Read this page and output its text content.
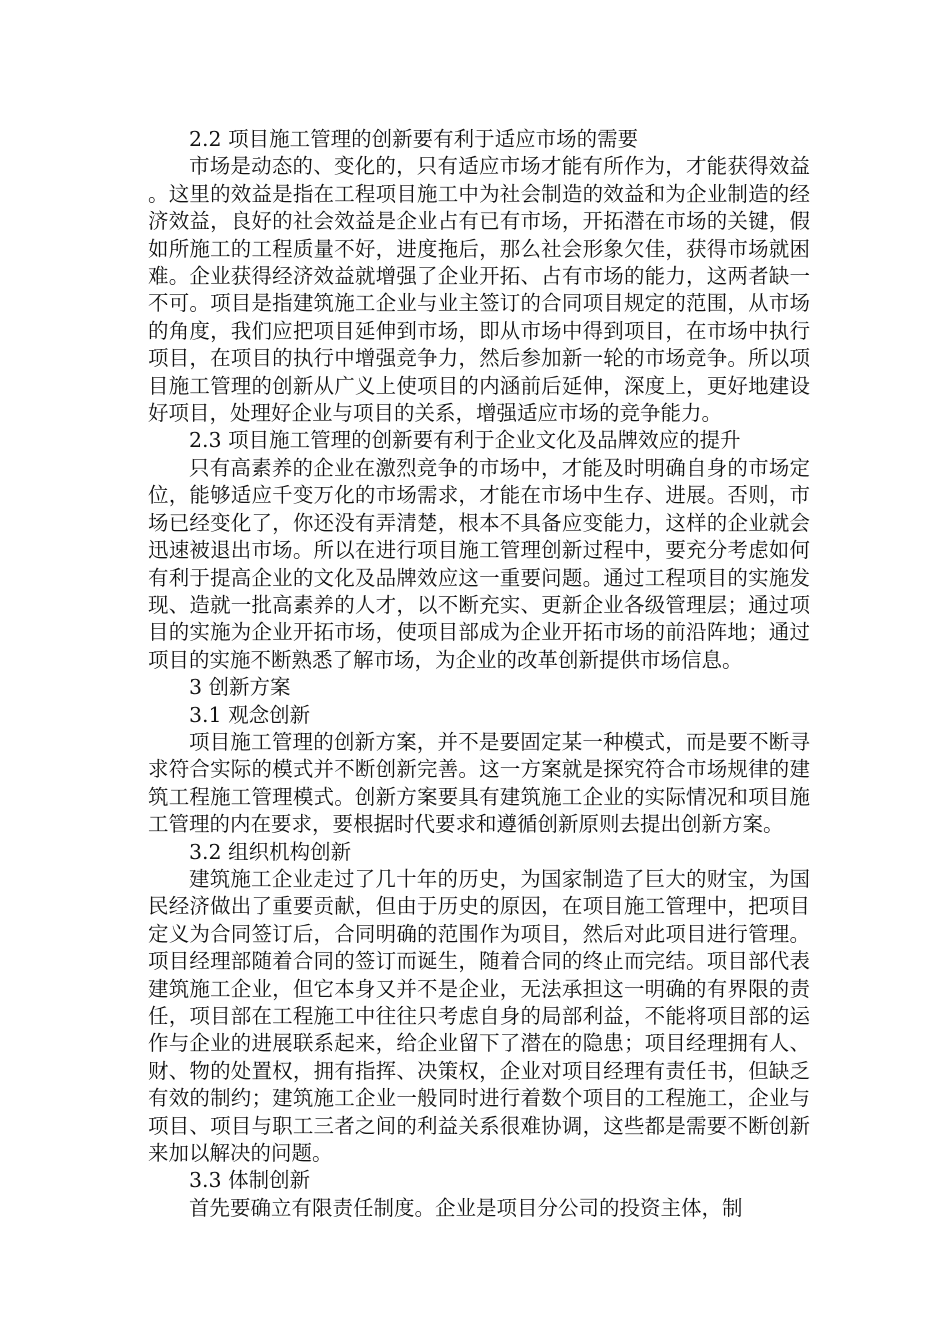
2.2 项目施工管理的创新要有利于适应市场的需要

市场是动态的、变化的，只有适应市场才能有所作为，才能获得效益。这里的效益是指在工程项目施工中为社会制造的效益和为企业制造的经济效益，良好的社会效益是企业占有已有市场，开拓潜在市场的关键，假如所施工的工程质量不好，进度拖后，那么社会形象欠佳，获得市场就困难。企业获得经济效益就增强了企业开拓、占有市场的能力，这两者缺一不可。项目是指建筑施工企业与业主签订的合同项目规定的范围，从市场的角度，我们应把项目延伸到市场，即从市场中得到项目，在市场中执行项目，在项目的执行中增强竞争力，然后参加新一轮的市场竞争。所以项目施工管理的创新从广义上使项目的内涵前后延伸，深度上，更好地建设好项目，处理好企业与项目的关系，增强适应市场的竞争能力。

2.3 项目施工管理的创新要有利于企业文化及品牌效应的提升

只有高素养的企业在激烈竞争的市场中，才能及时明确自身的市场定位，能够适应千变万化的市场需求，才能在市场中生存、进展。否则，市场已经变化了，你还没有弄清楚，根本不具备应变能力，这样的企业就会迅速被退出市场。所以在进行项目施工管理创新过程中，要充分考虑如何有利于提高企业的文化及品牌效应这一重要问题。通过工程项目的实施发现、造就一批高素养的人才，以不断充实、更新企业各级管理层；通过项目的实施为企业开拓市场，使项目部成为企业开拓市场的前沿阵地；通过项目的实施不断熟悉了解市场，为企业的改革创新提供市场信息。

3 创新方案

3.1 观念创新

项目施工管理的创新方案，并不是要固定某一种模式，而是要不断寻求符合实际的模式并不断创新完善。这一方案就是探究符合市场规律的建筑工程施工管理模式。创新方案要具有建筑施工企业的实际情况和项目施工管理的内在要求，要根据时代要求和遵循创新原则去提出创新方案。

3.2 组织机构创新

建筑施工企业走过了几十年的历史，为国家制造了巨大的财宝，为国民经济做出了重要贡献，但由于历史的原因，在项目施工管理中，把项目定义为合同签订后，合同明确的范围作为项目，然后对此项目进行管理。项目经理部随着合同的签订而诞生，随着合同的终止而完结。项目部代表建筑施工企业，但它本身又并不是企业，无法承担这一明确的有界限的责任，项目部在工程施工中往往只考虑自身的局部利益，不能将项目部的运作与企业的进展联系起来，给企业留下了潜在的隐患；项目经理拥有人、财、物的处置权，拥有指挥、决策权，企业对项目经理有责任书，但缺乏有效的制约；建筑施工企业一般同时进行着数个项目的工程施工，企业与项目、项目与职工三者之间的利益关系很难协调，这些都是需要不断创新来加以解决的问题。

3.3 体制创新

首先要确立有限责任制度。企业是项目分公司的投资主体，制
